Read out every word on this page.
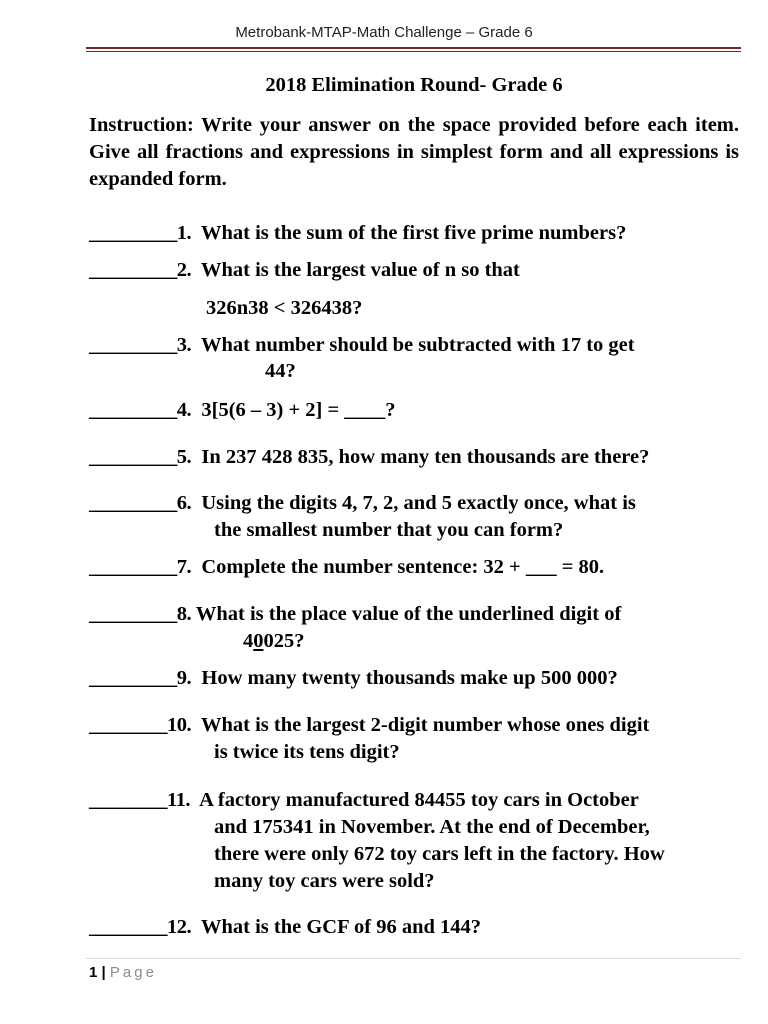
Metrobank-MTAP-Math Challenge – Grade 6
2018 Elimination Round- Grade 6
Instruction: Write your answer on the space provided before each item. Give all fractions and expressions in simplest form and all expressions is expanded form.
_________1.  What is the sum of the first five prime numbers?
_________2.  What is the largest value of n so that
326n38 < 326438?
_________3.  What number should be subtracted with 17 to get
44?
_________4.  3[5(6 – 3) + 2] = ____?
_________5.  In 237 428 835, how many ten thousands are there?
_________6.  Using the digits 4, 7, 2, and 5 exactly once, what is
the smallest number that you can form?
_________7.  Complete the number sentence: 32 + ___ = 80.
_________8. What is the place value of the underlined digit of
40025?
_________9.  How many twenty thousands make up 500 000?
________10.  What is the largest 2-digit number whose ones digit
is twice its tens digit?
________11.  A factory manufactured 84455 toy cars in October
and 175341 in November. At the end of December,
there were only 672 toy cars left in the factory. How
many toy cars were sold?
________12.  What is the GCF of 96 and 144?
1 | Page
